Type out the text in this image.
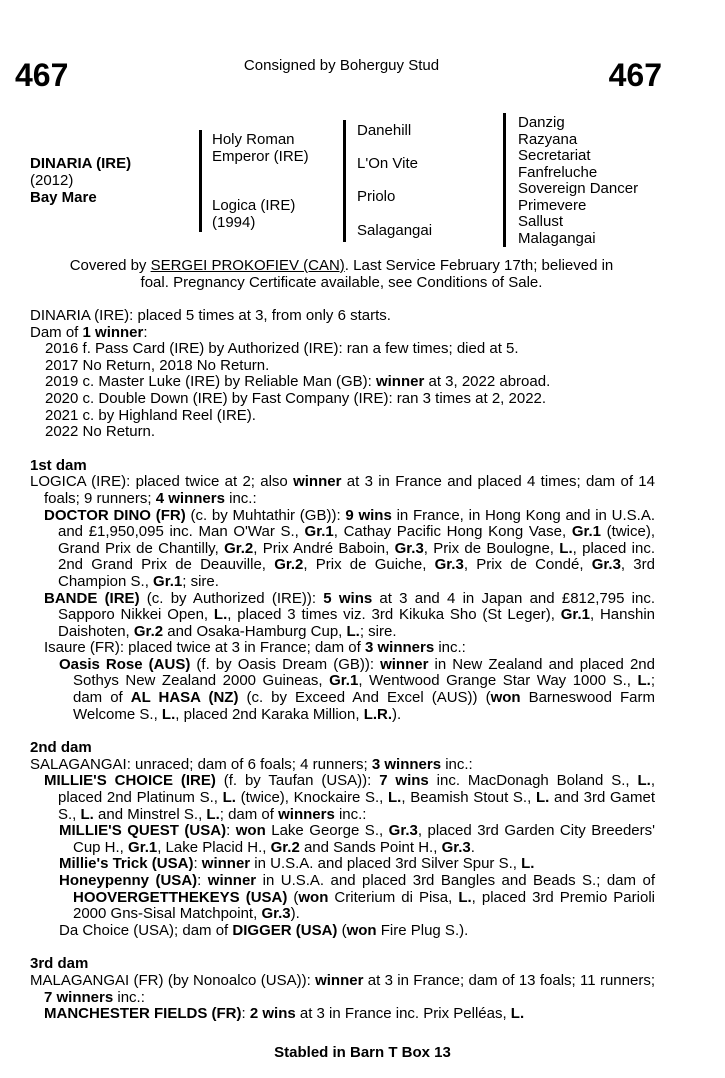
467	Consigned by Boherguy Stud	467
DINARIA (IRE)
(2012)
Bay Mare
Holy Roman
Emperor (IRE)
Logica (IRE)
(1994)
Danehill
L'On Vite
Priolo
Salagangai
Danzig
Razyana
Secretariat
Fanfreluche
Sovereign Dancer
Primevere
Sallust
Malagangai
Covered by SERGEI PROKOFIEV (CAN). Last Service February 17th; believed in
foal. Pregnancy Certificate available, see Conditions of Sale.

DINARIA (IRE): placed 5 times at 3, from only 6 starts.

Dam of 1 winner:

2016 f. Pass Card (IRE) by Authorized (IRE): ran a few times; died at 5.

2017 No Return, 2018 No Return.

2019 c. Master Luke (IRE) by Reliable Man (GB): winner at 3, 2022 abroad.

2020 c. Double Down (IRE) by Fast Company (IRE): ran 3 times at 2, 2022.

2021 c. by Highland Reel (IRE).

2022 No Return.

1st dam

LOGICA (IRE): placed twice at 2; also winner at 3 in France and placed 4 times; dam of 14 foals; 9 runners; 4 winners inc.:

DOCTOR DINO (FR) (c. by Muhtathir (GB)): 9 wins in France, in Hong Kong and in U.S.A. and £1,950,095 inc. Man O'War S., Gr.1, Cathay Pacific Hong Kong Vase, Gr.1 (twice), Grand Prix de Chantilly, Gr.2, Prix André Baboin, Gr.3, Prix de Boulogne, L., placed inc. 2nd Grand Prix de Deauville, Gr.2, Prix de Guiche, Gr.3, Prix de Condé, Gr.3, 3rd Champion S., Gr.1; sire.

BANDE (IRE) (c. by Authorized (IRE)): 5 wins at 3 and 4 in Japan and £812,795 inc. Sapporo Nikkei Open, L., placed 3 times viz. 3rd Kikuka Sho (St Leger), Gr.1, Hanshin Daishoten, Gr.2 and Osaka-Hamburg Cup, L.; sire.

Isaure (FR): placed twice at 3 in France; dam of 3 winners inc.:

Oasis Rose (AUS) (f. by Oasis Dream (GB)): winner in New Zealand and placed 2nd Sothys New Zealand 2000 Guineas, Gr.1, Wentwood Grange Star Way 1000 S., L.; dam of AL HASA (NZ) (c. by Exceed And Excel (AUS)) (won Barneswood Farm Welcome S., L., placed 2nd Karaka Million, L.R.).

2nd dam

SALAGANGAI: unraced; dam of 6 foals; 4 runners; 3 winners inc.:

MILLIE'S CHOICE (IRE) (f. by Taufan (USA)): 7 wins inc. MacDonagh Boland S., L., placed 2nd Platinum S., L. (twice), Knockaire S., L., Beamish Stout S., L. and 3rd Gamet S., L. and Minstrel S., L.; dam of winners inc.:

MILLIE'S QUEST (USA): won Lake George S., Gr.3, placed 3rd Garden City Breeders' Cup H., Gr.1, Lake Placid H., Gr.2 and Sands Point H., Gr.3.

Millie's Trick (USA): winner in U.S.A. and placed 3rd Silver Spur S., L.

Honeypenny (USA): winner in U.S.A. and placed 3rd Bangles and Beads S.; dam of HOOVERGETTHEKEYS (USA) (won Criterium di Pisa, L., placed 3rd Premio Parioli 2000 Gns-Sisal Matchpoint, Gr.3).

Da Choice (USA); dam of DIGGER (USA) (won Fire Plug S.).

3rd dam

MALAGANGAI (FR) (by Nonoalco (USA)): winner at 3 in France; dam of 13 foals; 11 runners; 7 winners inc.:

MANCHESTER FIELDS (FR): 2 wins at 3 in France inc. Prix Pelléas, L.

Stabled in Barn T Box 13
